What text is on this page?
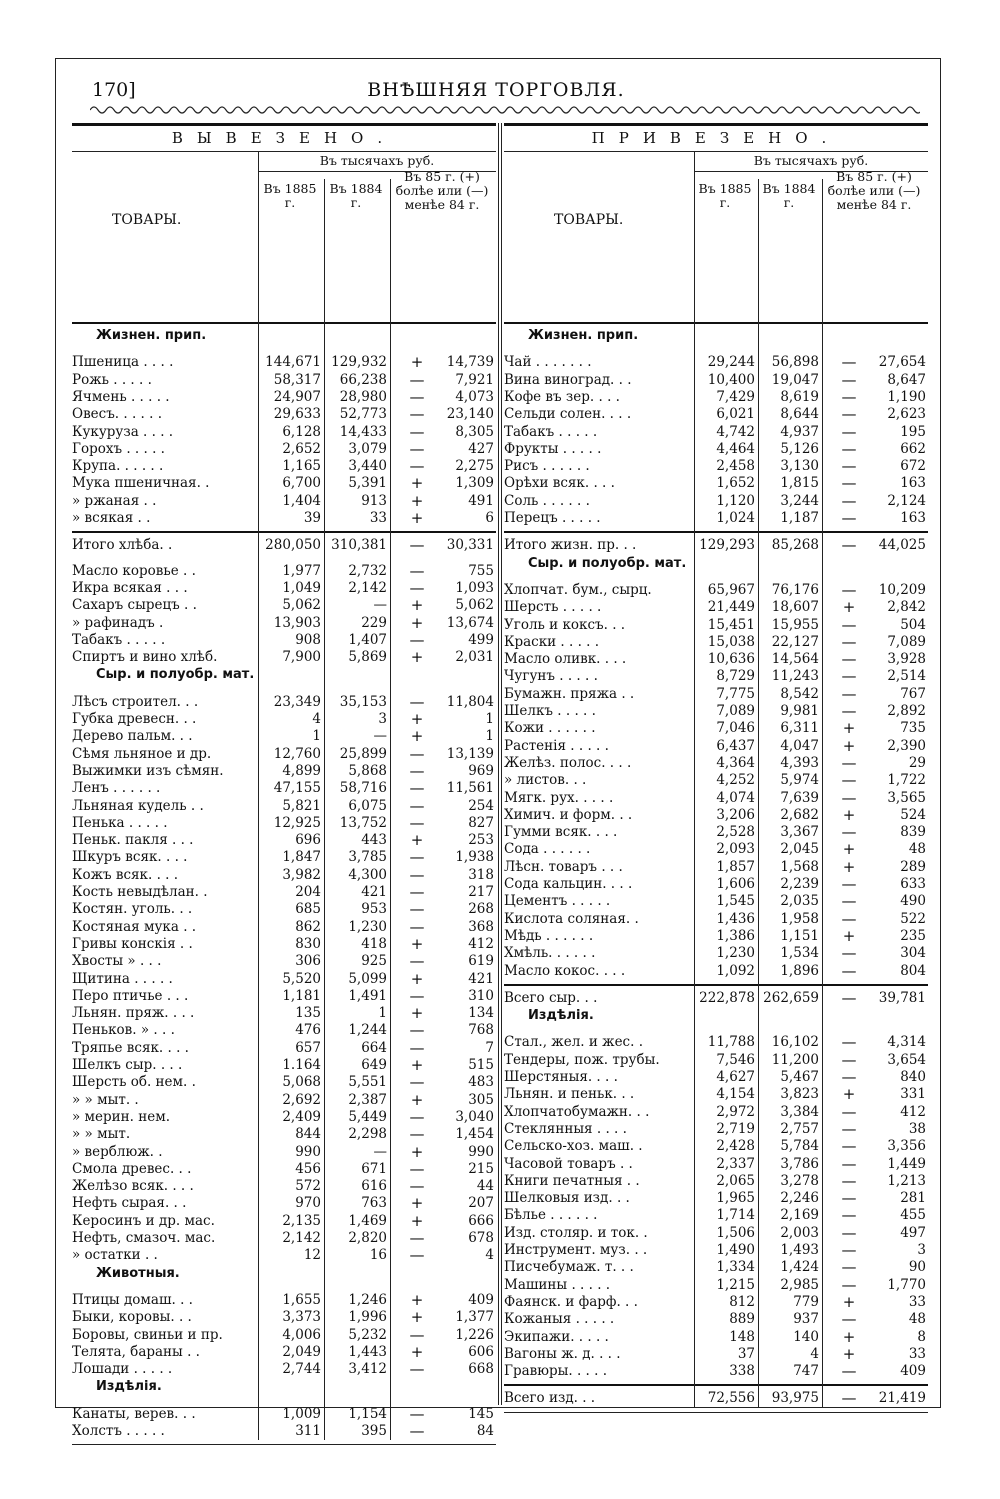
170]	ВНѢШНЯЯ ТОРГОВЛЯ.
ВЫВЕЗЕНО.
ТОВАРЫ.
Въ тысячахъ руб.
Въ 1885 г.
Въ 1884 г.
Въ 85 г. (+) болѣе или (—) менѣе 84 г.
Жизнен. прип.
Пшеница . . . .	144,671 129,932	+	14,739
Рожь . . . . .	58,317	66,238	—	7,921
Ячмень . . . . .	24,907	28,980	—	4,073
Овесъ. . . . . .	29,633	52,773	—	23,140
Кукуруза . . . .	6,128	14,433	—	8,305
Горохъ . . . . .	2,652	3,079	—	427
Крупа. . . . . .	1,165	3,440	—	2,275
Мука пшеничная. .	6,700	5,391	+	1,309
» ржаная . .	1,404	913	+	491
» всякая . .	39	33	+	6
Итого хлѣба. .	280,050 310,381	—	30,331
Масло коровье . .	1,977	2,732	—	755
Икра всякая . . .	1,049	2,142	—	1,093
Сахаръ сырецъ . .	5,062	—	+	5,062
» рафинадъ .	13,903	229	+	13,674
Табакъ . . . . .	908	1,407	—	499
Спиртъ и вино хлѣб.	7,900	5,869	+	2,031
Сыр. и полуобр. мат.
Лѣсъ строител. . .	23,349	35,153	—	11,804
Губка древесн. . .	4	3	+	1
Дерево пальм. . .	1	—	+	1
Сѣмя льняное и др.	12,760	25,899	—	13,139
Выжимки изъ сѣмян.	4,899	5,868	—	969
Ленъ . . . . . .	47,155	58,716	—	11,561
Льняная кудель . .	5,821	6,075	—	254
Пенька . . . . .	12,925	13,752	—	827
Пеньк. пакля . . .	696	443	+	253
Шкуръ всяк. . . .	1,847	3,785	—	1,938
Кожъ всяк. . . .	3,982	4,300	—	318
Кость невыдѣлан. .	204	421	—	217
Костян. уголь. . .	685	953	—	268
Костяная мука . .	862	1,230	—	368
Гривы конскія . .	830	418	+	412
Хвосты » . . .	306	925	—	619
Щитина . . . . .	5,520	5,099	+	421
Перо птичье . . .	1,181	1,491	—	310
Льнян. пряж. . . .	135	1	+	134
Пеньков. » . . .	476	1,244	—	768
Тряпье всяк. . . .	657	664	—	7
Шелкъ сыр. . . .	1.164	649	+	515
Шерсть об. нем. .	5,068	5,551	—	483
» » мыт. .	2,692	2,387	+	305
» мерин. нем.	2,409	5,449	—	3,040
» » мыт.	844	2,298	—	1,454
» верблюж. .	990	—	+	990
Смола древес. . .	456	671	—	215
Желѣзо всяк. . . .	572	616	—	44
Нефть сырая. . .	970	763	+	207
Керосинъ и др. мас.	2,135	1,469	+	666
Нефть, смазоч. мас.	2,142	2,820	—	678
» остатки . .	12	16	—	4
Животныя.
Птицы домаш. . .	1,655	1,246	+	409
Быки, коровы. . .	3,373	1,996	+	1,377
Боровы, свиньи и пр.	4,006	5,232	—	1,226
Телята, бараны . .	2,049	1,443	+	606
Лошади . . . . .	2,744	3,412	—	668
Издѣлія.
Канаты, верев. . .	1,009	1,154	—	145
Холстъ . . . . .	311	395	—	84
ПРИВЕЗЕНО.
ТОВАРЫ.
Въ тысячахъ руб.
Въ 1885 г.
Въ 1884 г.
Въ 85 г. (+) болѣе или (—) менѣе 84 г.
Жизнен. прип.
Чай . . . . . . .	29,244	56,898	—	27,654
Вина виноград. . .	10,400	19,047	—	8,647
Кофе въ зер. . . .	7,429	8,619	—	1,190
Сельди солен. . . .	6,021	8,644	—	2,623
Табакъ . . . . .	4,742	4,937	—	195
Фрукты . . . . .	4,464	5,126	—	662
Рисъ . . . . . .	2,458	3,130	—	672
Орѣхи всяк. . . .	1,652	1,815	—	163
Соль . . . . . .	1,120	3,244	—	2,124
Перецъ . . . . .	1,024	1,187	—	163
Итого жизн. пр. . .	129,293	85,268	—	44,025
Сыр. и полуобр. мат.
Хлопчат. бум., сырц.	65,967	76,176	—	10,209
Шерсть . . . . .	21,449	18,607	+	2,842
Уголь и коксъ. . .	15,451	15,955	—	504
Краски . . . . .	15,038	22,127	—	7,089
Масло оливк. . . .	10,636	14,564	—	3,928
Чугунъ . . . . .	8,729	11,243	—	2,514
Бумажн. пряжа . .	7,775	8,542	—	767
Шелкъ . . . . .	7,089	9,981	—	2,892
Кожи . . . . . .	7,046	6,311	+	735
Растенія . . . . .	6,437	4,047	+	2,390
Желѣз. полос. . . .	4,364	4,393	—	29
» листов. . .	4,252	5,974	—	1,722
Мягк. рух. . . . .	4,074	7,639	—	3,565
Химич. и форм. . .	3,206	2,682	+	524
Гумми всяк. . . .	2,528	3,367	—	839
Сода . . . . . .	2,093	2,045	+	48
Лѣсн. товаръ . . .	1,857	1,568	+	289
Сода кальцин. . . .	1,606	2,239	—	633
Цементъ . . . . .	1,545	2,035	—	490
Кислота соляная. .	1,436	1,958	—	522
Мѣдь . . . . . .	1,386	1,151	+	235
Хмѣль. . . . . .	1,230	1,534	—	304
Масло кокос. . . .	1,092	1,896	—	804
Всего сыр. . .	222,878 262,659	—	39,781
Издѣлія.
Стал., жел. и жес. .	11,788	16,102	—	4,314
Тендеры, пож. трубы.	7,546	11,200	—	3,654
Шерстяныя. . . .	4,627	5,467	—	840
Льнян. и пеньк. . .	4,154	3,823	+	331
Хлопчатобумажн. . .	2,972	3,384	—	412
Стеклянныя . . . .	2,719	2,757	—	38
Сельско-хоз. маш. .	2,428	5,784	—	3,356
Часовой товаръ . .	2,337	3,786	—	1,449
Книги печатныя . .	2,065	3,278	—	1,213
Шелковыя изд. . .	1,965	2,246	—	281
Бѣлье . . . . . .	1,714	2,169	—	455
Изд. столяр. и ток. .	1,506	2,003	—	497
Инструмент. муз. . .	1,490	1,493	—	3
Писчебумаж. т. . .	1,334	1,424	—	90
Машины . . . . .	1,215	2,985	—	1,770
Фаянск. и фарф. . .	812	779	+	33
Кожаныя . . . . .	889	937	—	48
Экипажи. . . . .	148	140	+	8
Вагоны ж. д. . . .	37	4	+	33
Гравюры. . . . .	338	747	—	409
Всего изд. . .	72,556	93,975	—	21,419
